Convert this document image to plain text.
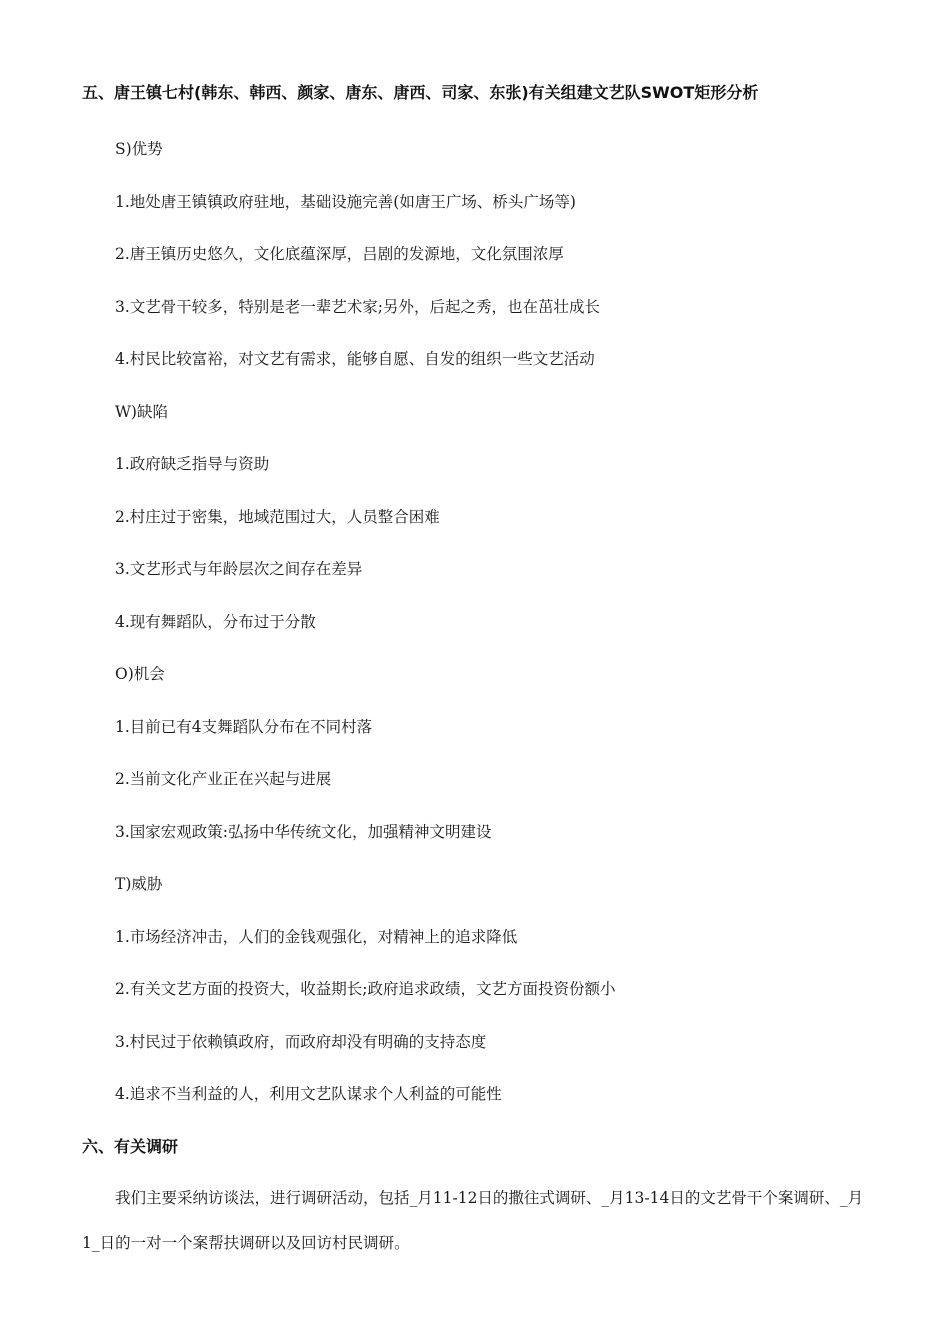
五、唐王镇七村(韩东、韩西、颜家、唐东、唐西、司家、东张)有关组建文艺队SWOT矩形分析
S)优势
1.地处唐王镇镇政府驻地，基础设施完善(如唐王广场、桥头广场等)
2.唐王镇历史悠久，文化底蕴深厚，吕剧的发源地，文化氛围浓厚
3.文艺骨干较多，特别是老一辈艺术家;另外，后起之秀，也在茁壮成长
4.村民比较富裕，对文艺有需求，能够自愿、自发的组织一些文艺活动
W)缺陷
1.政府缺乏指导与资助
2.村庄过于密集，地域范围过大，人员整合困难
3.文艺形式与年龄层次之间存在差异
4.现有舞蹈队，分布过于分散
O)机会
1.目前已有4支舞蹈队分布在不同村落
2.当前文化产业正在兴起与进展
3.国家宏观政策:弘扬中华传统文化，加强精神文明建设
T)威胁
1.市场经济冲击，人们的金钱观强化，对精神上的追求降低
2.有关文艺方面的投资大，收益期长;政府追求政绩，文艺方面投资份额小
3.村民过于依赖镇政府，而政府却没有明确的支持态度
4.追求不当利益的人，利用文艺队谋求个人利益的可能性
六、有关调研
我们主要采纳访谈法，进行调研活动，包括_月11-12日的撒往式调研、_月13-14日的文艺骨干个案调研、_月1_日的一对一个案帮扶调研以及回访村民调研。
